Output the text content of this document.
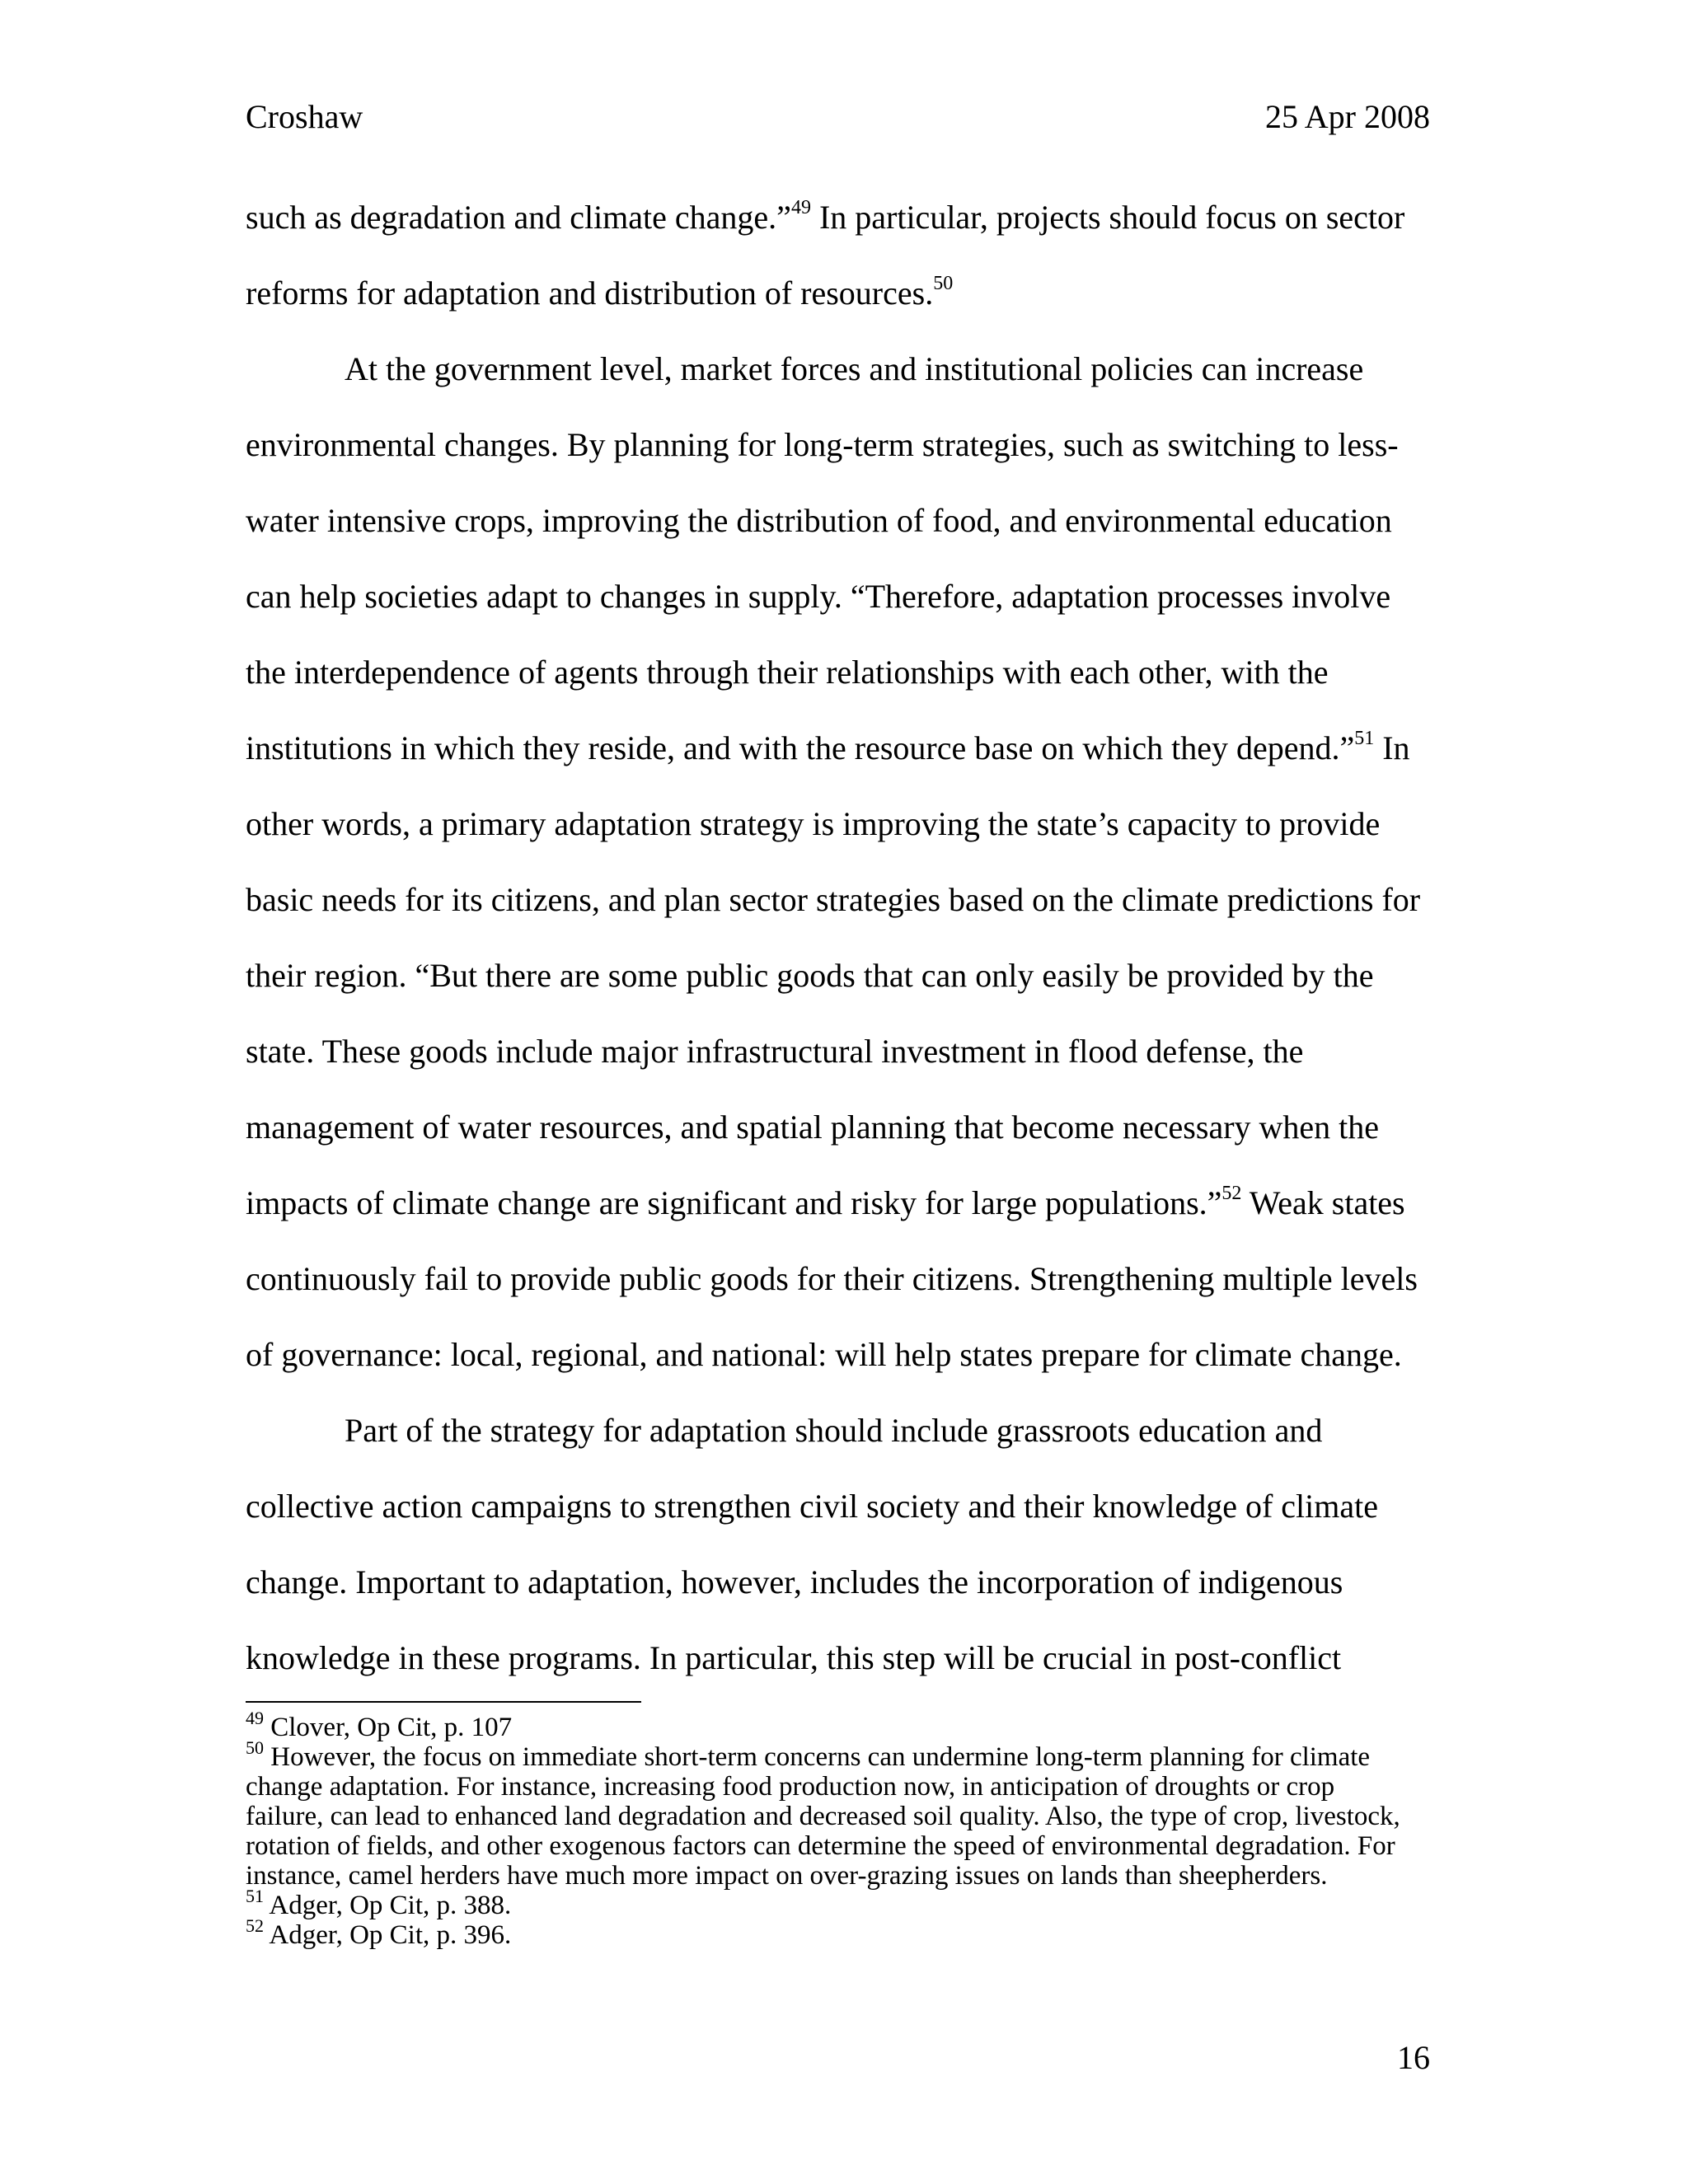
Croshaw	25 Apr 2008
such as degradation and climate change.”$^{49}$ In particular, projects should focus on sector
reforms for adaptation and distribution of resources.$^{50}$
At the government level, market forces and institutional policies can increase
environmental changes. By planning for long-term strategies, such as switching to less-
water intensive crops, improving the distribution of food, and environmental education
can help societies adapt to changes in supply. “Therefore, adaptation processes involve
the interdependence of agents through their relationships with each other, with the
institutions in which they reside, and with the resource base on which they depend.”$^{51}$ In
other words, a primary adaptation strategy is improving the state’s capacity to provide
basic needs for its citizens, and plan sector strategies based on the climate predictions for
their region. “But there are some public goods that can only easily be provided by the
state. These goods include major infrastructural investment in flood defense, the
management of water resources, and spatial planning that become necessary when the
impacts of climate change are significant and risky for large populations.”$^{52}$ Weak states
continuously fail to provide public goods for their citizens. Strengthening multiple levels
of governance: local, regional, and national: will help states prepare for climate change.
Part of the strategy for adaptation should include grassroots education and
collective action campaigns to strengthen civil society and their knowledge of climate
change. Important to adaptation, however, includes the incorporation of indigenous
knowledge in these programs. In particular, this step will be crucial in post-conflict
$^{49}$ Clover, Op Cit, p. 107
$^{50}$ However, the focus on immediate short-term concerns can undermine long-term planning for climate
change adaptation. For instance, increasing food production now, in anticipation of droughts or crop
failure, can lead to enhanced land degradation and decreased soil quality. Also, the type of crop, livestock,
rotation of fields, and other exogenous factors can determine the speed of environmental degradation. For
instance, camel herders have much more impact on over-grazing issues on lands than sheepherders.
$^{51}$ Adger, Op Cit, p. 388.
$^{52}$ Adger, Op Cit, p. 396.
16
